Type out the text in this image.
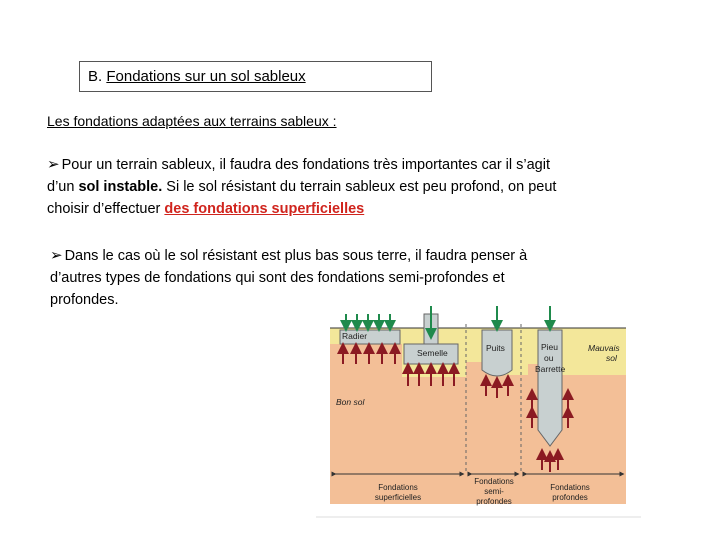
B. Fondations sur un sol sableux
Les fondations adaptées aux terrains sableux :
➢ Pour un terrain sableux, il faudra des fondations très importantes car il s’agit
d’un sol instable. Si le sol résistant du terrain sableux est peu profond, on peut
choisir d’effectuer des fondations superficielles
➢ Dans le cas où le sol résistant est plus bas sous terre, il faudra penser à
d’autres types de fondations qui sont des fondations semi-profondes et
profondes.
Radier
Semelle	Puits	Pieu
ou
Barrette
Mauvais
sol
Bon sol
Fondations
superficielles
Fondations
semi-
profondes
Fondations
profondes
